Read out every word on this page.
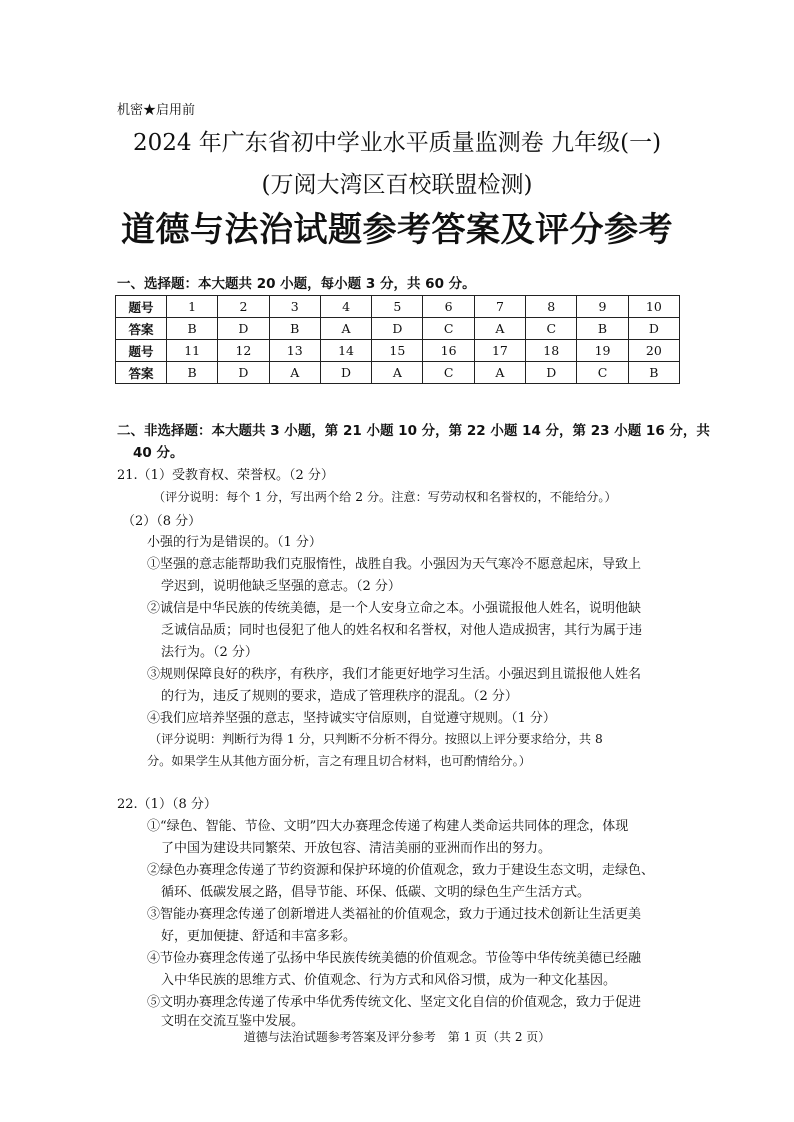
机密★启用前
2024 年广东省初中学业水平质量监测卷 九年级(一)
(万阅大湾区百校联盟检测)
道德与法治试题参考答案及评分参考
一、选择题：本大题共 20 小题，每小题 3 分，共 60 分。
题号	1	2	3	4	5	6	7	8	9	10
答案	B	D	B	A	D	C	A	C	B	D
题号	11	12	13	14	15	16	17	18	19	20
答案	B	D	A	D	A	C	A	D	C	B
二、非选择题：本大题共 3 小题，第 21 小题 10 分，第 22 小题 14 分，第 23 小题 16 分，共
40 分。
21.（1）受教育权、荣誉权。（2 分）
（评分说明：每个 1 分，写出两个给 2 分。注意：写劳动权和名誉权的，不能给分。）
（2）（8 分）
小强的行为是错误的。（1 分）
①坚强的意志能帮助我们克服惰性，战胜自我。小强因为天气寒冷不愿意起床，导致上
学迟到，说明他缺乏坚强的意志。（2 分）
②诚信是中华民族的传统美德，是一个人安身立命之本。小强谎报他人姓名，说明他缺
乏诚信品质；同时也侵犯了他人的姓名权和名誉权，对他人造成损害，其行为属于违
法行为。（2 分）
③规则保障良好的秩序，有秩序，我们才能更好地学习生活。小强迟到且谎报他人姓名
的行为，违反了规则的要求，造成了管理秩序的混乱。（2 分）
④我们应培养坚强的意志，坚持诚实守信原则，自觉遵守规则。（1 分）
（评分说明：判断行为得 1 分，只判断不分析不得分。按照以上评分要求给分，共 8
分。如果学生从其他方面分析，言之有理且切合材料，也可酌情给分。）
22.（1）（8 分）
①“绿色、智能、节俭、文明”四大办赛理念传递了构建人类命运共同体的理念，体现
了中国为建设共同繁荣、开放包容、清洁美丽的亚洲而作出的努力。
②绿色办赛理念传递了节约资源和保护环境的价值观念，致力于建设生态文明，走绿色、
循环、低碳发展之路，倡导节能、环保、低碳、文明的绿色生产生活方式。
③智能办赛理念传递了创新增进人类福祉的价值观念，致力于通过技术创新让生活更美
好，更加便捷、舒适和丰富多彩。
④节俭办赛理念传递了弘扬中华民族传统美德的价值观念。节俭等中华传统美德已经融
入中华民族的思维方式、价值观念、行为方式和风俗习惯，成为一种文化基因。
⑤文明办赛理念传递了传承中华优秀传统文化、坚定文化自信的价值观念，致力于促进
文明在交流互鉴中发展。
道德与法治试题参考答案及评分参考　第 1 页（共 2 页）
